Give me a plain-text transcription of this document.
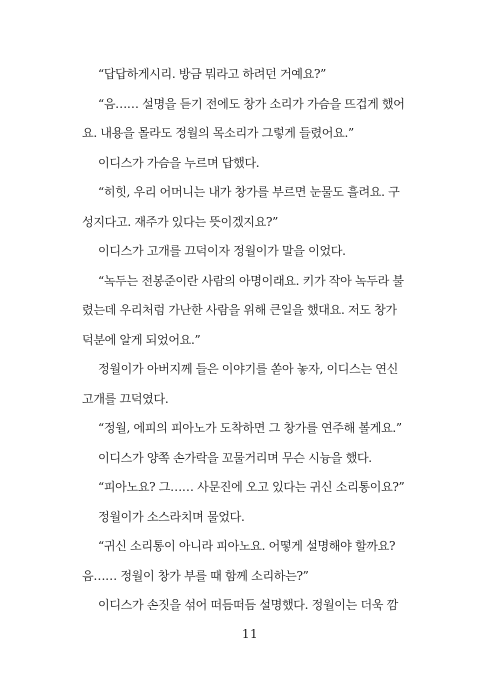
“답답하게시리. 방금 뭐라고 하려던 거예요?”

“음…… 설명을 듣기 전에도 창가 소리가 가슴을 뜨겁게 했어
요. 내용을 몰라도 정월의 목소리가 그렇게 들렸어요.”

이디스가 가슴을 누르며 답했다.

“히힛, 우리 어머니는 내가 창가를 부르면 눈물도 흘려요. 구
성지다고. 재주가 있다는 뜻이겠지요?”

이디스가 고개를 끄덕이자 정월이가 말을 이었다.

“녹두는 전봉준이란 사람의 아명이래요. 키가 작아 녹두라 불
렸는데 우리처럼 가난한 사람을 위해 큰일을 했대요. 저도 창가
덕분에 알게 되었어요.”

정월이가 아버지께 들은 이야기를 쏟아 놓자, 이디스는 연신
고개를 끄덕였다.

“정월, 에피의 피아노가 도착하면 그 창가를 연주해 볼게요.”

이디스가 양쪽 손가락을 꼬물거리며 무슨 시늉을 했다.

“피아노요? 그…… 사문진에 오고 있다는 귀신 소리통이요?”

정월이가 소스라치며 물었다.

“귀신 소리통이 아니라 피아노요. 어떻게 설명해야 할까요?
음…… 정월이 창가 부를 때 함께 소리하는?”

이디스가 손짓을 섞어 떠듬떠듬 설명했다. 정월이는 더욱 깜

11
